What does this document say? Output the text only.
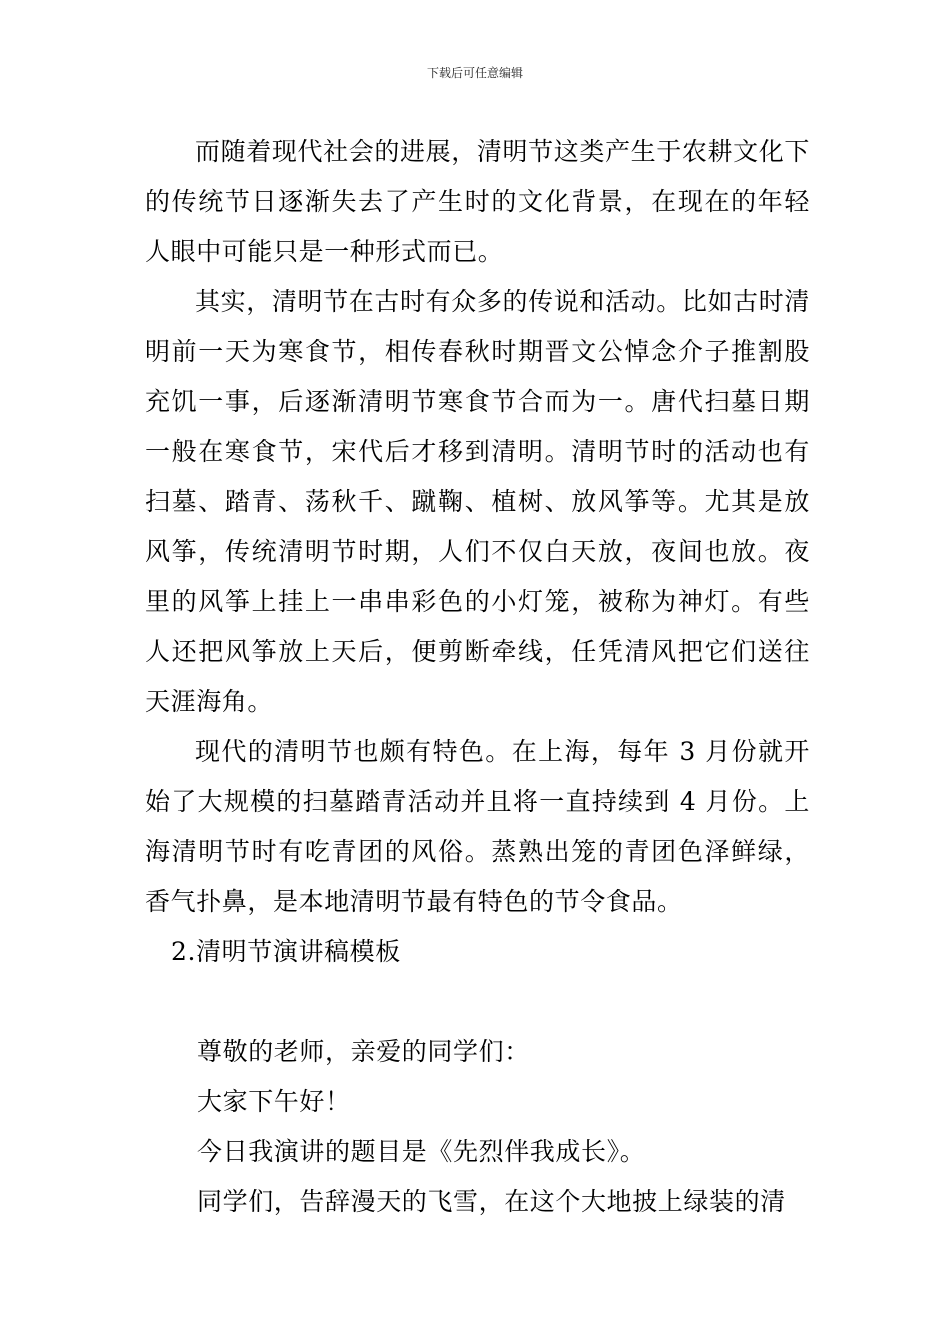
下载后可任意编辑

而随着现代社会的进展，清明节这类产生于农耕文化下的传统节日逐渐失去了产生时的文化背景，在现在的年轻人眼中可能只是一种形式而已。

其实，清明节在古时有众多的传说和活动。比如古时清明前一天为寒食节，相传春秋时期晋文公悼念介子推割股充饥一事，后逐渐清明节寒食节合而为一。唐代扫墓日期一般在寒食节，宋代后才移到清明。清明节时的活动也有扫墓、踏青、荡秋千、蹴鞠、植树、放风筝等。尤其是放风筝，传统清明节时期，人们不仅白天放，夜间也放。夜里的风筝上挂上一串串彩色的小灯笼，被称为神灯。有些人还把风筝放上天后，便剪断牵线，任凭清风把它们送往天涯海角。

现代的清明节也颇有特色。在上海，每年 3 月份就开始了大规模的扫墓踏青活动并且将一直持续到 4 月份。上海清明节时有吃青团的风俗。蒸熟出笼的青团色泽鲜绿，香气扑鼻，是本地清明节最有特色的节令食品。

2.清明节演讲稿模板

尊敬的老师，亲爱的同学们：

大家下午好！

今日我演讲的题目是《先烈伴我成长》。

同学们，告辞漫天的飞雪，在这个大地披上绿装的清
